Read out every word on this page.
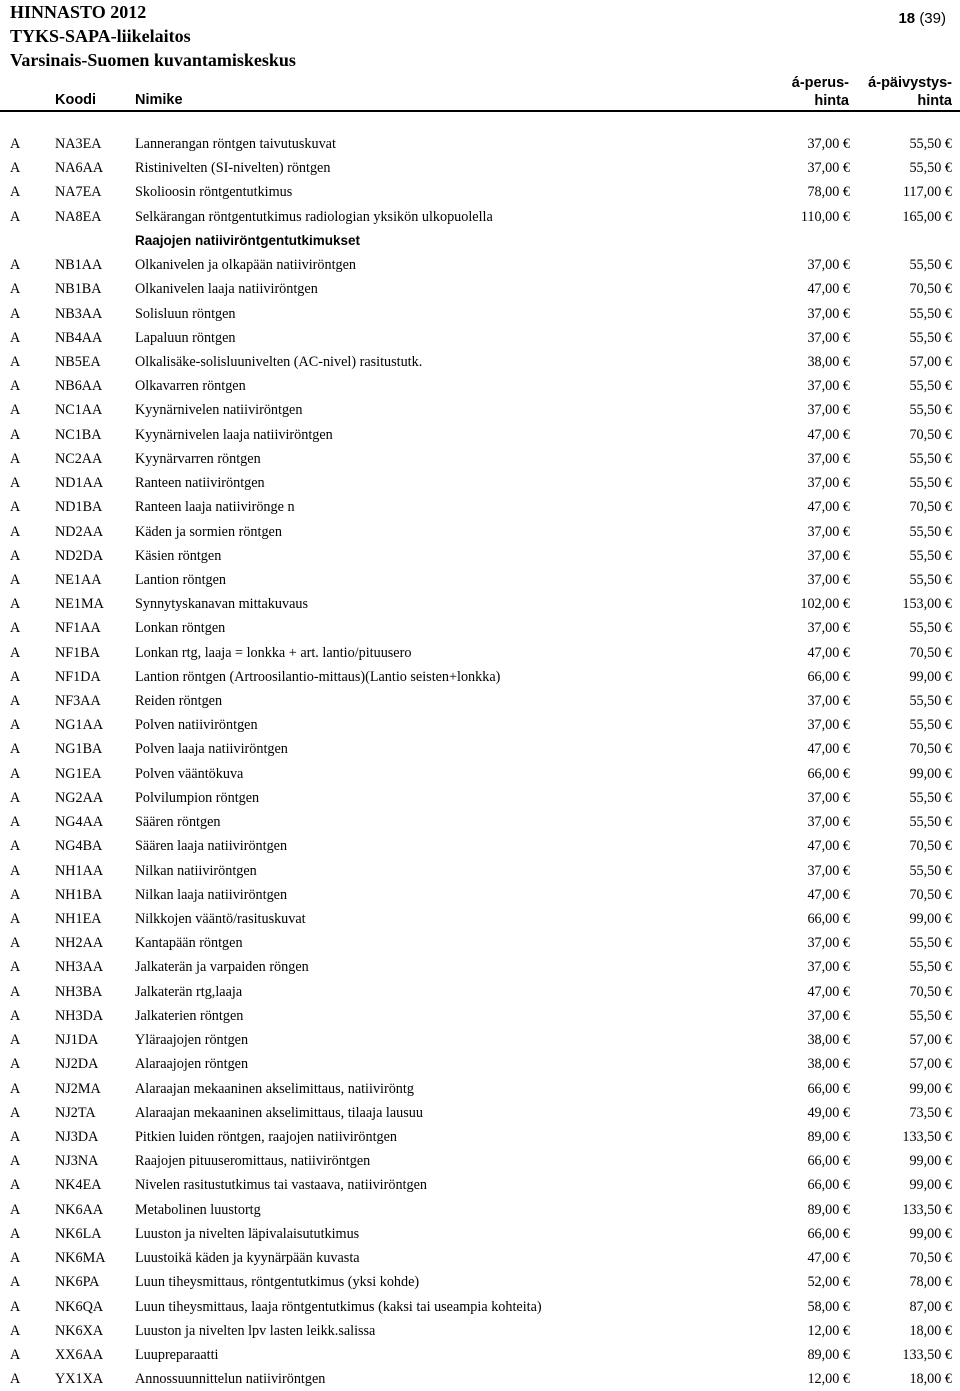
HINNASTO 2012
TYKS-SAPA-liikelaitos
Varsinais-Suomen kuvantamiskeskus
18 (39)
Koodi	Nimike
á-perus-
hinta
á-päivystys-
hinta
A NA3EA Lannerangan röntgen taivutuskuvat	37,00 €	55,50 €
A NA6AA Ristinivelten (SI-nivelten) röntgen	37,00 €	55,50 €
A NA7EA Skolioosin röntgentutkimus	78,00 €	117,00 €
A NA8EA Selkärangan röntgentutkimus radiologian yksikön ulkopuolella	110,00 €	165,00 €
Raajojen natiiviröntgentutkimukset
A NB1AA Olkanivelen ja olkapään natiiviröntgen	37,00 €	55,50 €
A NB1BA Olkanivelen laaja natiiviröntgen	47,00 €	70,50 €
A NB3AA Solisluun röntgen	37,00 €	55,50 €
A NB4AA Lapaluun röntgen	37,00 €	55,50 €
A NB5EA Olkalisäke-solisluunivelten (AC-nivel) rasitustutk.	38,00 €	57,00 €
A NB6AA Olkavarren röntgen	37,00 €	55,50 €
A NC1AA Kyynärnivelen natiiviröntgen	37,00 €	55,50 €
A NC1BA Kyynärnivelen laaja natiiviröntgen	47,00 €	70,50 €
A NC2AA Kyynärvarren röntgen	37,00 €	55,50 €
A ND1AA Ranteen natiiviröntgen	37,00 €	55,50 €
A ND1BA Ranteen laaja natiivirönge n	47,00 €	70,50 €
A ND2AA Käden ja sormien röntgen	37,00 €	55,50 €
A ND2DA Käsien röntgen	37,00 €	55,50 €
A NE1AA Lantion röntgen	37,00 €	55,50 €
A NE1MA Synnytyskanavan mittakuvaus	102,00 €	153,00 €
A NF1AA Lonkan röntgen	37,00 €	55,50 €
A NF1BA Lonkan rtg, laaja = lonkka + art. lantio/pituusero	47,00 €	70,50 €
A NF1DA Lantion röntgen (Artroosilantio-mittaus)(Lantio seisten+lonkka)	66,00 €	99,00 €
A NF3AA Reiden röntgen	37,00 €	55,50 €
A NG1AA Polven natiiviröntgen	37,00 €	55,50 €
A NG1BA Polven laaja natiiviröntgen	47,00 €	70,50 €
A NG1EA Polven vääntökuva	66,00 €	99,00 €
A NG2AA Polvilumpion röntgen	37,00 €	55,50 €
A NG4AA Säären röntgen	37,00 €	55,50 €
A NG4BA Säären laaja natiiviröntgen	47,00 €	70,50 €
A NH1AA Nilkan natiiviröntgen	37,00 €	55,50 €
A NH1BA Nilkan laaja natiiviröntgen	47,00 €	70,50 €
A NH1EA Nilkkojen vääntö/rasituskuvat	66,00 €	99,00 €
A NH2AA Kantapään röntgen	37,00 €	55,50 €
A NH3AA Jalkaterän ja varpaiden röngen	37,00 €	55,50 €
A NH3BA Jalkaterän rtg,laaja	47,00 €	70,50 €
A NH3DA Jalkaterien röntgen	37,00 €	55,50 €
A NJ1DA	Yläraajojen röntgen	38,00 €	57,00 €
A NJ2DA	Alaraajojen röntgen	38,00 €	57,00 €
A NJ2MA Alaraajan mekaaninen akselimittaus, natiiviröntg	66,00 €	99,00 €
A NJ2TA	Alaraajan mekaaninen akselimittaus, tilaaja lausuu	49,00 €	73,50 €
A NJ3DA	Pitkien luiden röntgen, raajojen natiiviröntgen	89,00 €	133,50 €
A NJ3NA	Raajojen pituuseromittaus, natiiviröntgen	66,00 €	99,00 €
A NK4EA Nivelen rasitustutkimus tai vastaava, natiiviröntgen	66,00 €	99,00 €
A NK6AA Metabolinen luustortg	89,00 €	133,50 €
A NK6LA Luuston ja nivelten läpivalaisututkimus	66,00 €	99,00 €
A NK6MA Luustoikä käden ja kyynärpään kuvasta	47,00 €	70,50 €
A NK6PA	Luun tiheysmittaus, röntgentutkimus (yksi kohde)	52,00 €	78,00 €
A NK6QA Luun tiheysmittaus, laaja röntgentutkimus (kaksi tai useampia kohteita)	58,00 €	87,00 €
A NK6XA Luuston ja nivelten lpv lasten leikk.salissa	12,00 €	18,00 €
A XX6AA Luupreparaatti	89,00 €	133,50 €
A YX1XA Annossuunnittelun natiiviröntgen	12,00 €	18,00 €
